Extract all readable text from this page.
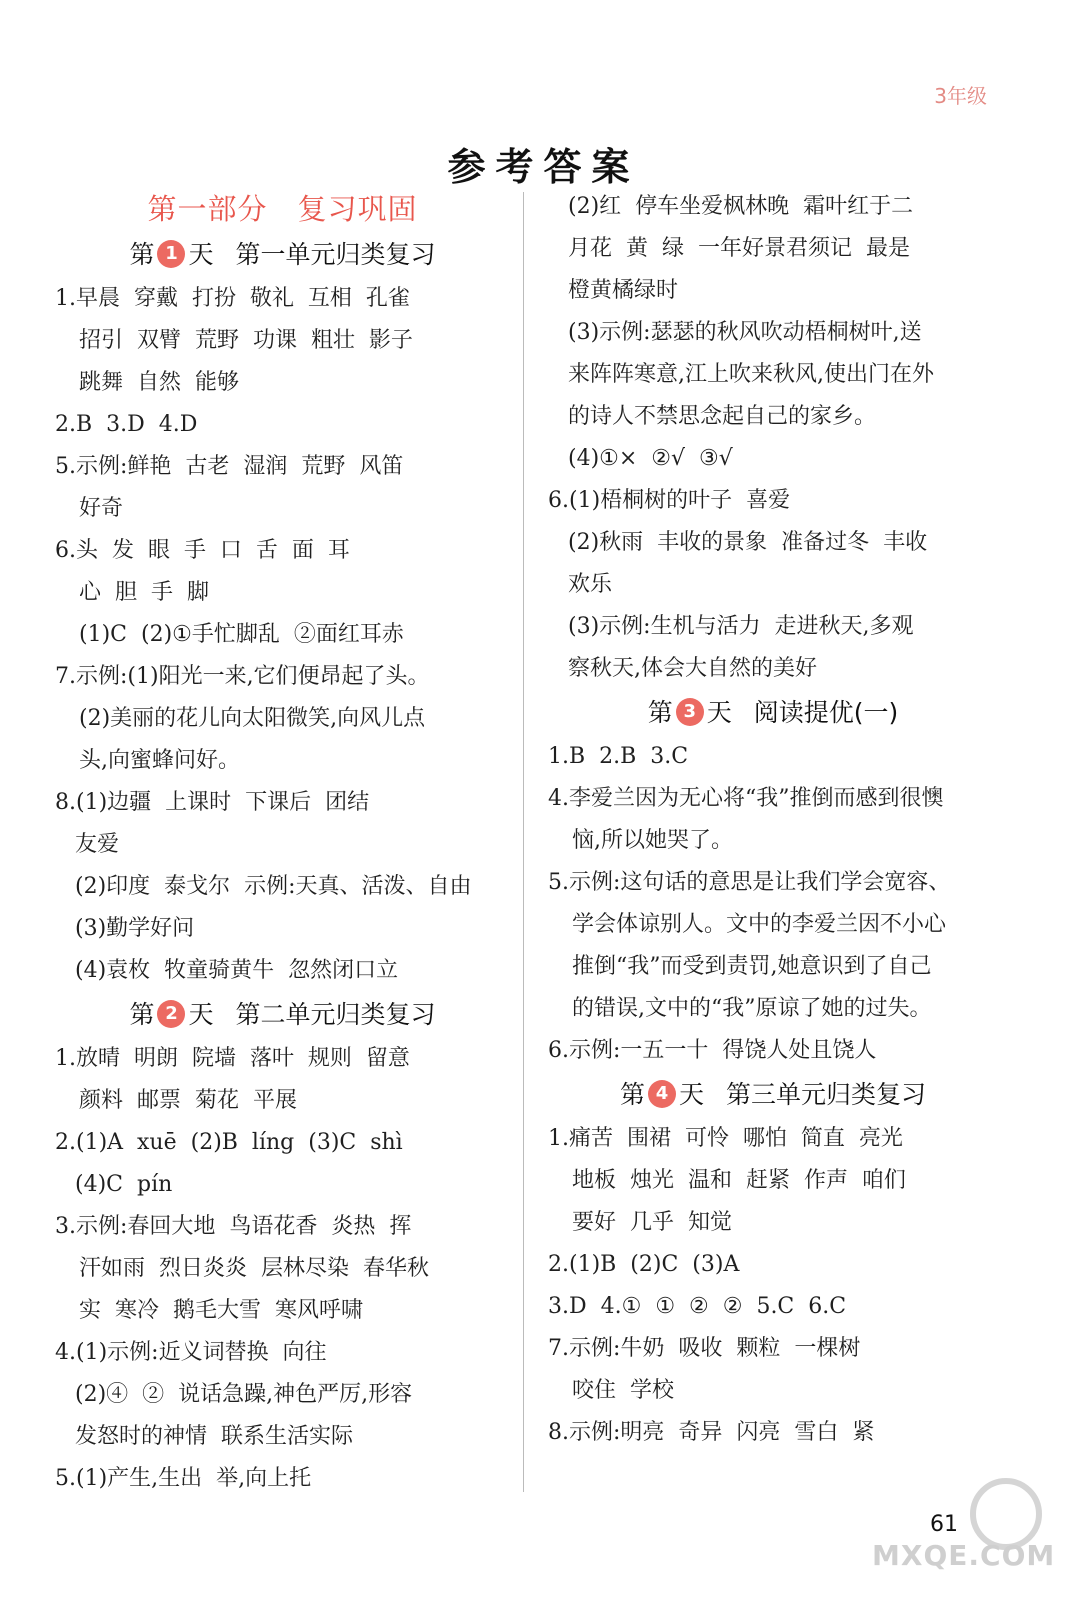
3年级
参考答案
第一部分 复习巩固
第 1 天 第一单元归类复习
1.早晨  穿戴  打扮  敬礼  互相  孔雀
招引  双臂  荒野  功课  粗壮  影子
跳舞  自然  能够
2.B  3.D  4.D
5.示例:鲜艳  古老  湿润  荒野  风笛
好奇
6.头  发  眼  手  口  舌  面  耳
心  胆  手  脚
(1)C  (2)①手忙脚乱  ②面红耳赤
7.示例:(1)阳光一来,它们便昂起了头。
(2)美丽的花儿向太阳微笑,向风儿点
头,向蜜蜂问好。
8.(1)边疆  上课时  下课后  团结
友爱
(2)印度  泰戈尔  示例:天真、活泼、自由
(3)勤学好问
(4)袁枚  牧童骑黄牛  忽然闭口立
第 2 天 第二单元归类复习
1.放晴  明朗  院墙  落叶  规则  留意
颜料  邮票  菊花  平展
2.(1)A  xuē  (2)B  líng  (3)C  shì
(4)C  pín
3.示例:春回大地  鸟语花香  炎热  挥
汗如雨  烈日炎炎  层林尽染  春华秋
实  寒冷  鹅毛大雪  寒风呼啸
4.(1)示例:近义词替换  向往
(2)④  ②  说话急躁,神色严厉,形容
发怒时的神情  联系生活实际
5.(1)产生,生出  举,向上托
(2)红  停车坐爱枫林晚  霜叶红于二
月花  黄  绿  一年好景君须记  最是
橙黄橘绿时
(3)示例:瑟瑟的秋风吹动梧桐树叶,送
来阵阵寒意,江上吹来秋风,使出门在外
的诗人不禁思念起自己的家乡。
(4)①×  ②√  ③√
6.(1)梧桐树的叶子  喜爱
(2)秋雨  丰收的景象  准备过冬  丰收
欢乐
(3)示例:生机与活力  走进秋天,多观
察秋天,体会大自然的美好
第 3 天 阅读提优(一)
1.B  2.B  3.C
4.李爱兰因为无心将“我”推倒而感到很懊
恼,所以她哭了。
5.示例:这句话的意思是让我们学会宽容、
学会体谅别人。文中的李爱兰因不小心
推倒“我”而受到责罚,她意识到了自己
的错误,文中的“我”原谅了她的过失。
6.示例:一五一十  得饶人处且饶人
第 4 天 第三单元归类复习
1.痛苦  围裙  可怜  哪怕  简直  亮光
地板  烛光  温和  赶紧  作声  咱们
要好  几乎  知觉
2.(1)B  (2)C  (3)A
3.D  4.①  ①  ②  ②  5.C  6.C
7.示例:牛奶  吸收  颗粒  一棵树
咬住  学校
8.示例:明亮  奇异  闪亮  雪白  紧
61
MXQE.COM
